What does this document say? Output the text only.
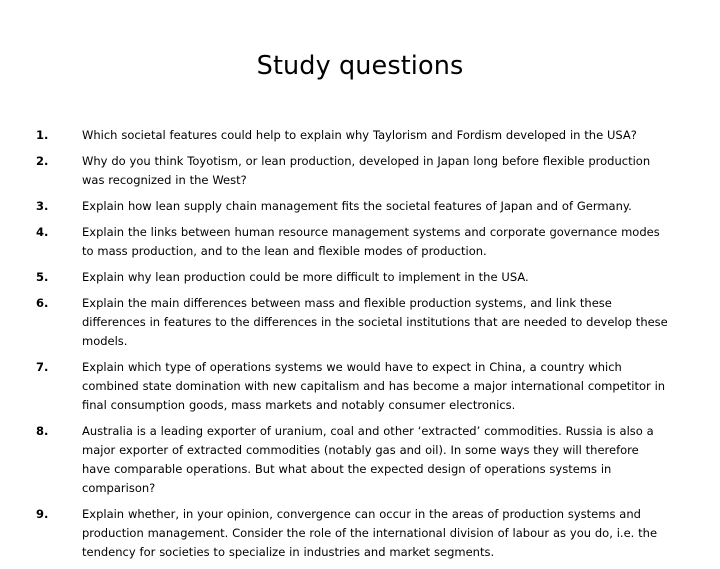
Study questions
1.	Which societal features could help to explain why Taylorism and Fordism developed in the USA?
2.	Why do you think Toyotism, or lean production, developed in Japan long before flexible production was recognized in the West?
3.	Explain how lean supply chain management fits the societal features of Japan and of Germany.
4.	Explain the links between human resource management systems and corporate governance modes to mass production, and to the lean and flexible modes of production.
5.	Explain why lean production could be more difficult to implement in the USA.
6.	Explain the main differences between mass and flexible production systems, and link these differences in features to the differences in the societal institutions that are needed to develop these models.
7.	Explain which type of operations systems we would have to expect in China, a country which combined state domination with new capitalism and has become a major international competitor in final consumption goods, mass markets and notably consumer electronics.
8.	Australia is a leading exporter of uranium, coal and other ‘extracted’ commodities. Russia is also a major exporter of extracted commodities (notably gas and oil). In some ways they will therefore have comparable operations. But what about the expected design of operations systems in comparison?
9.	Explain whether, in your opinion, convergence can occur in the areas of production systems and production management. Consider the role of the international division of labour as you do, i.e. the tendency for societies to specialize in industries and market segments.
